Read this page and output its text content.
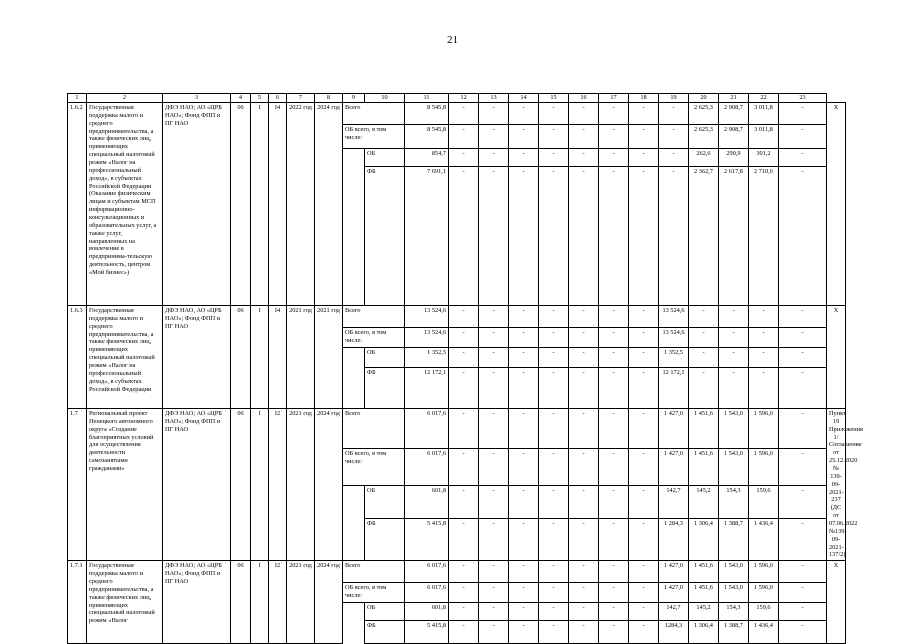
21
1	2	3	4	5	6	7	8	9	10	11	12	13	14	15	16	17	18	19	20	21	22	23	
1.6.2	Государственная поддержка малого и среднего предпринимательства, а также физических лиц, применяющих специальный налоговый режим «Налог на профессиональный доход», в субъектах Российской Федерации (Оказание физическим лицам и субъектам МСП информационно-консультационных и образовательных услуг, а также услуг, направленных на вовлечение в предпринима-тельскую деятельность, центром «Мой бизнес»)	ДФЭ НАО; АО «ЦРБ НАО»; Фонд ФПП и ПГ НАО	06	I	I4	2022 год	2024 год	Всего		8 545,8	-	-	-	-	-	-	-	-	2 625,3	2 908,7	3 011,8	-	X
								ОБ всего, в том числе:		8 545,8	-	-	-	-	-	-	-	-	2 625,3	2 908,7	3 011,8	-	
									ОБ	854,7	-	-	-	-	-	-	-	-	262,6	290,9	301,2	-	
									ФБ	7 691,1	-	-	-	-	-	-	-	-	2 362,7	2 617,8	2 710,6	-	
1.6.3	Государственная поддержка малого и среднего предпринимательства, а также физических лиц, применяющих специальный налоговый режим «Налог на профессиональный доход», в субъектах Российской Федерации	ДФЭ НАО, АО «ЦРБ НАО»; Фонд ФПП и ПГ НАО	06	I	I4	2021 год	2021 год	Всего		13 524,6	-	-	-	-	-	-	-	13 524,6	-	-	-	-	X
								ОБ всего, в том числе:		13 524,6	-	-	-	-	-	-	-	13 524,6	-	-	-	-	
									ОБ	1 352,5	-	-	-	-	-	-	-	1 352,5	-	-	-	-	
									ФБ	12 172,1	-	-	-	-	-	-	-	12 172,1	-	-	-	-	
1.7	Региональный проект Ненецкого автономного округа «Создание благоприятных условий для осуществления деятельности самозанятыми гражданами»	ДФЭ НАО; АО «ЦРБ НАО»; Фонд ФПП и ПГ НАО	06	I	I2	2021 год	2024 год	Всего		6 017,6	-	-	-	-	-	-	-	1 427,0	1 451,6	1 543,0	1 596,0	-	Пункт 19 Приложения 1/ Соглашение от 25.12.2020 № 139-09-2021-237 (ДС от 07.06.2022 №139-09-2021-137/2)
								ОБ всего, в том числе:		6 017,6	-	-	-	-	-	-	-	1 427,0	1 451,6	1 543,0	1 596,0	-	
									ОБ	601,8	-	-	-	-	-	-	-	142,7	145,2	154,3	159,6	-	
									ФБ	5 415,8	-	-	-	-	-	-	-	1 284,3	1 306,4	1 388,7	1 436,4	-	
1.7.1	Государственная поддержка малого и среднего предпринимательства, а также физических лиц, применяющих специальный налоговый режим «Налог	ДФЭ НАО; АО «ЦРБ НАО»; Фонд ФПП и ПГ НАО	06	I	I2	2021 год	2024 год	Всего		6 017,6	-	-	-	-	-	-	-	1 427,0	1 451,6	1 543,0	1 596,0	-	X
								ОБ всего, в том числе:		6 017,6	-	-	-	-	-	-	-	1 427,0	1 451,6	1 543,0	1 596,0	-	
									ОБ	601,8	-	-	-	-	-	-	-	142,7	145,2	154,3	159,6	-	
									ФБ	5 415,8	-	-	-	-	-	-	-	1284,3	1 306,4	1 388,7	1 436,4	-	
